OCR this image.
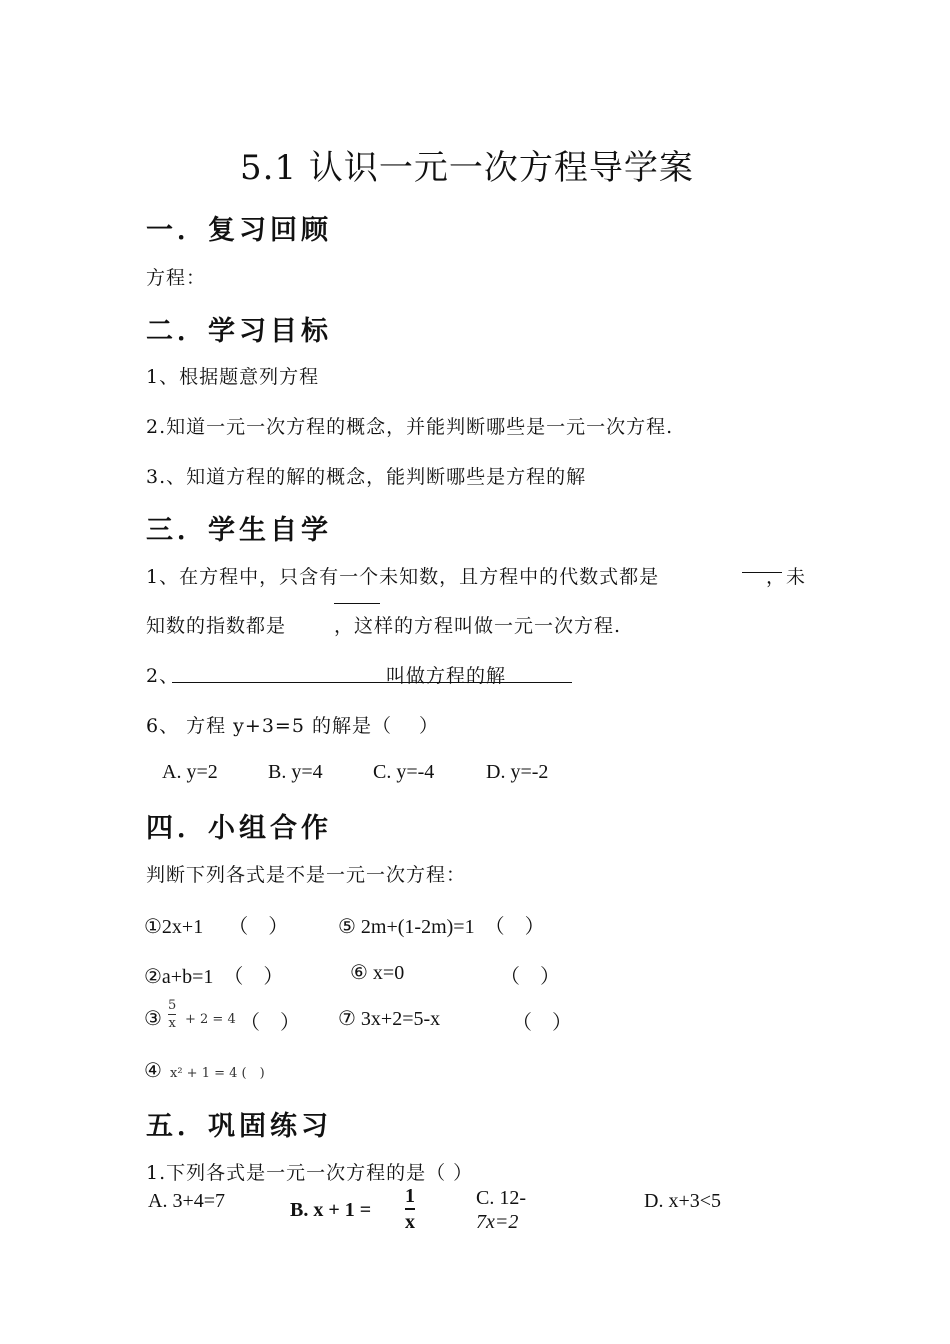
5.1 认识一元一次方程导学案
一．复习回顾
方程：
二．学习目标
1、根据题意列方程
2.知道一元一次方程的概念，并能判断哪些是一元一次方程.
3.、知道方程的解的概念，能判断哪些是方程的解
三．学生自学
1、在方程中，只含有一个未知数，且方程中的代数式都是	，未
知数的指数都是	，这样的方程叫做一元一次方程.
2、	叫做方程的解
6、 方程 y+3=5 的解是（　 ）
A. y=2	B. y=4	C. y=-4	D. y=-2
四．小组合作
判断下列各式是不是一元一次方程：
①2x+1　 （　） ⑤ 2m+(1-2m)=1　（　）
②a+b=1　（　）	⑥ x=0	（　）
③ $\frac{5}{x} + 2 = 4$ （　） ⑦ 3x+2=5-x	（　）
④ x² + 1 = 4 (　)
五．巩固练习
1.下列各式是一元一次方程的是（ ）
A. 3+4=7	B. $x + 1 = \frac{1}{x}$	C. 12-
7x=2
D. x+3<5
